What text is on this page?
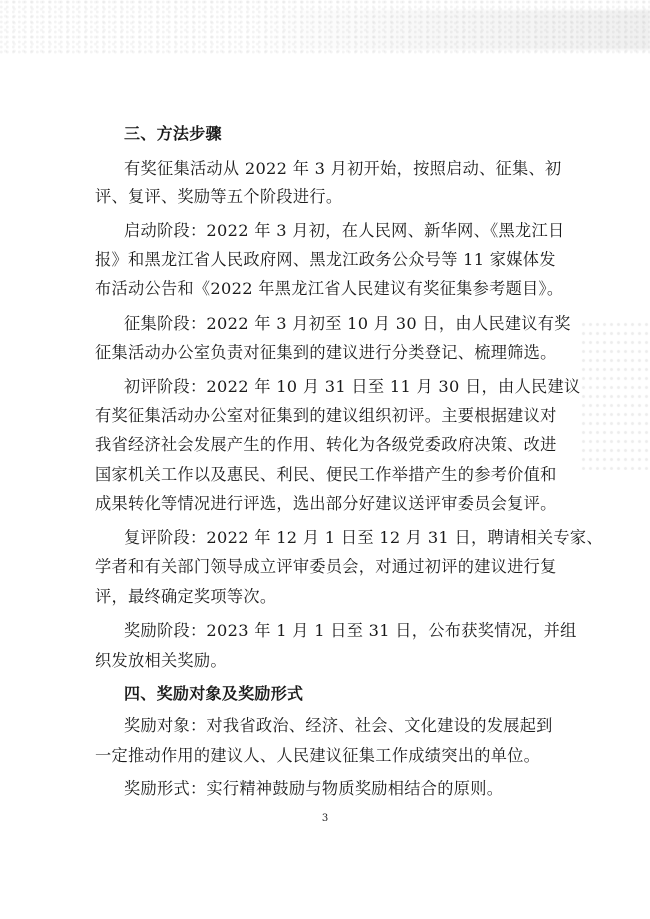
三、方法步骤
有奖征集活动从 2022 年 3 月初开始，按照启动、征集、初
评、复评、奖励等五个阶段进行。
启动阶段：2022 年 3 月初，在人民网、新华网、《黑龙江日
报》和黑龙江省人民政府网、黑龙江政务公众号等 11 家媒体发
布活动公告和《2022 年黑龙江省人民建议有奖征集参考题目》。
征集阶段：2022 年 3 月初至 10 月 30 日，由人民建议有奖
征集活动办公室负责对征集到的建议进行分类登记、梳理筛选。
初评阶段：2022 年 10 月 31 日至 11 月 30 日，由人民建议
有奖征集活动办公室对征集到的建议组织初评。主要根据建议对
我省经济社会发展产生的作用、转化为各级党委政府决策、改进
国家机关工作以及惠民、利民、便民工作举措产生的参考价值和
成果转化等情况进行评选，选出部分好建议送评审委员会复评。
复评阶段：2022 年 12 月 1 日至 12 月 31 日，聘请相关专家、
学者和有关部门领导成立评审委员会，对通过初评的建议进行复
评，最终确定奖项等次。
奖励阶段：2023 年 1 月 1 日至 31 日，公布获奖情况，并组
织发放相关奖励。
四、奖励对象及奖励形式
奖励对象：对我省政治、经济、社会、文化建设的发展起到
一定推动作用的建议人、人民建议征集工作成绩突出的单位。
奖励形式：实行精神鼓励与物质奖励相结合的原则。
3
